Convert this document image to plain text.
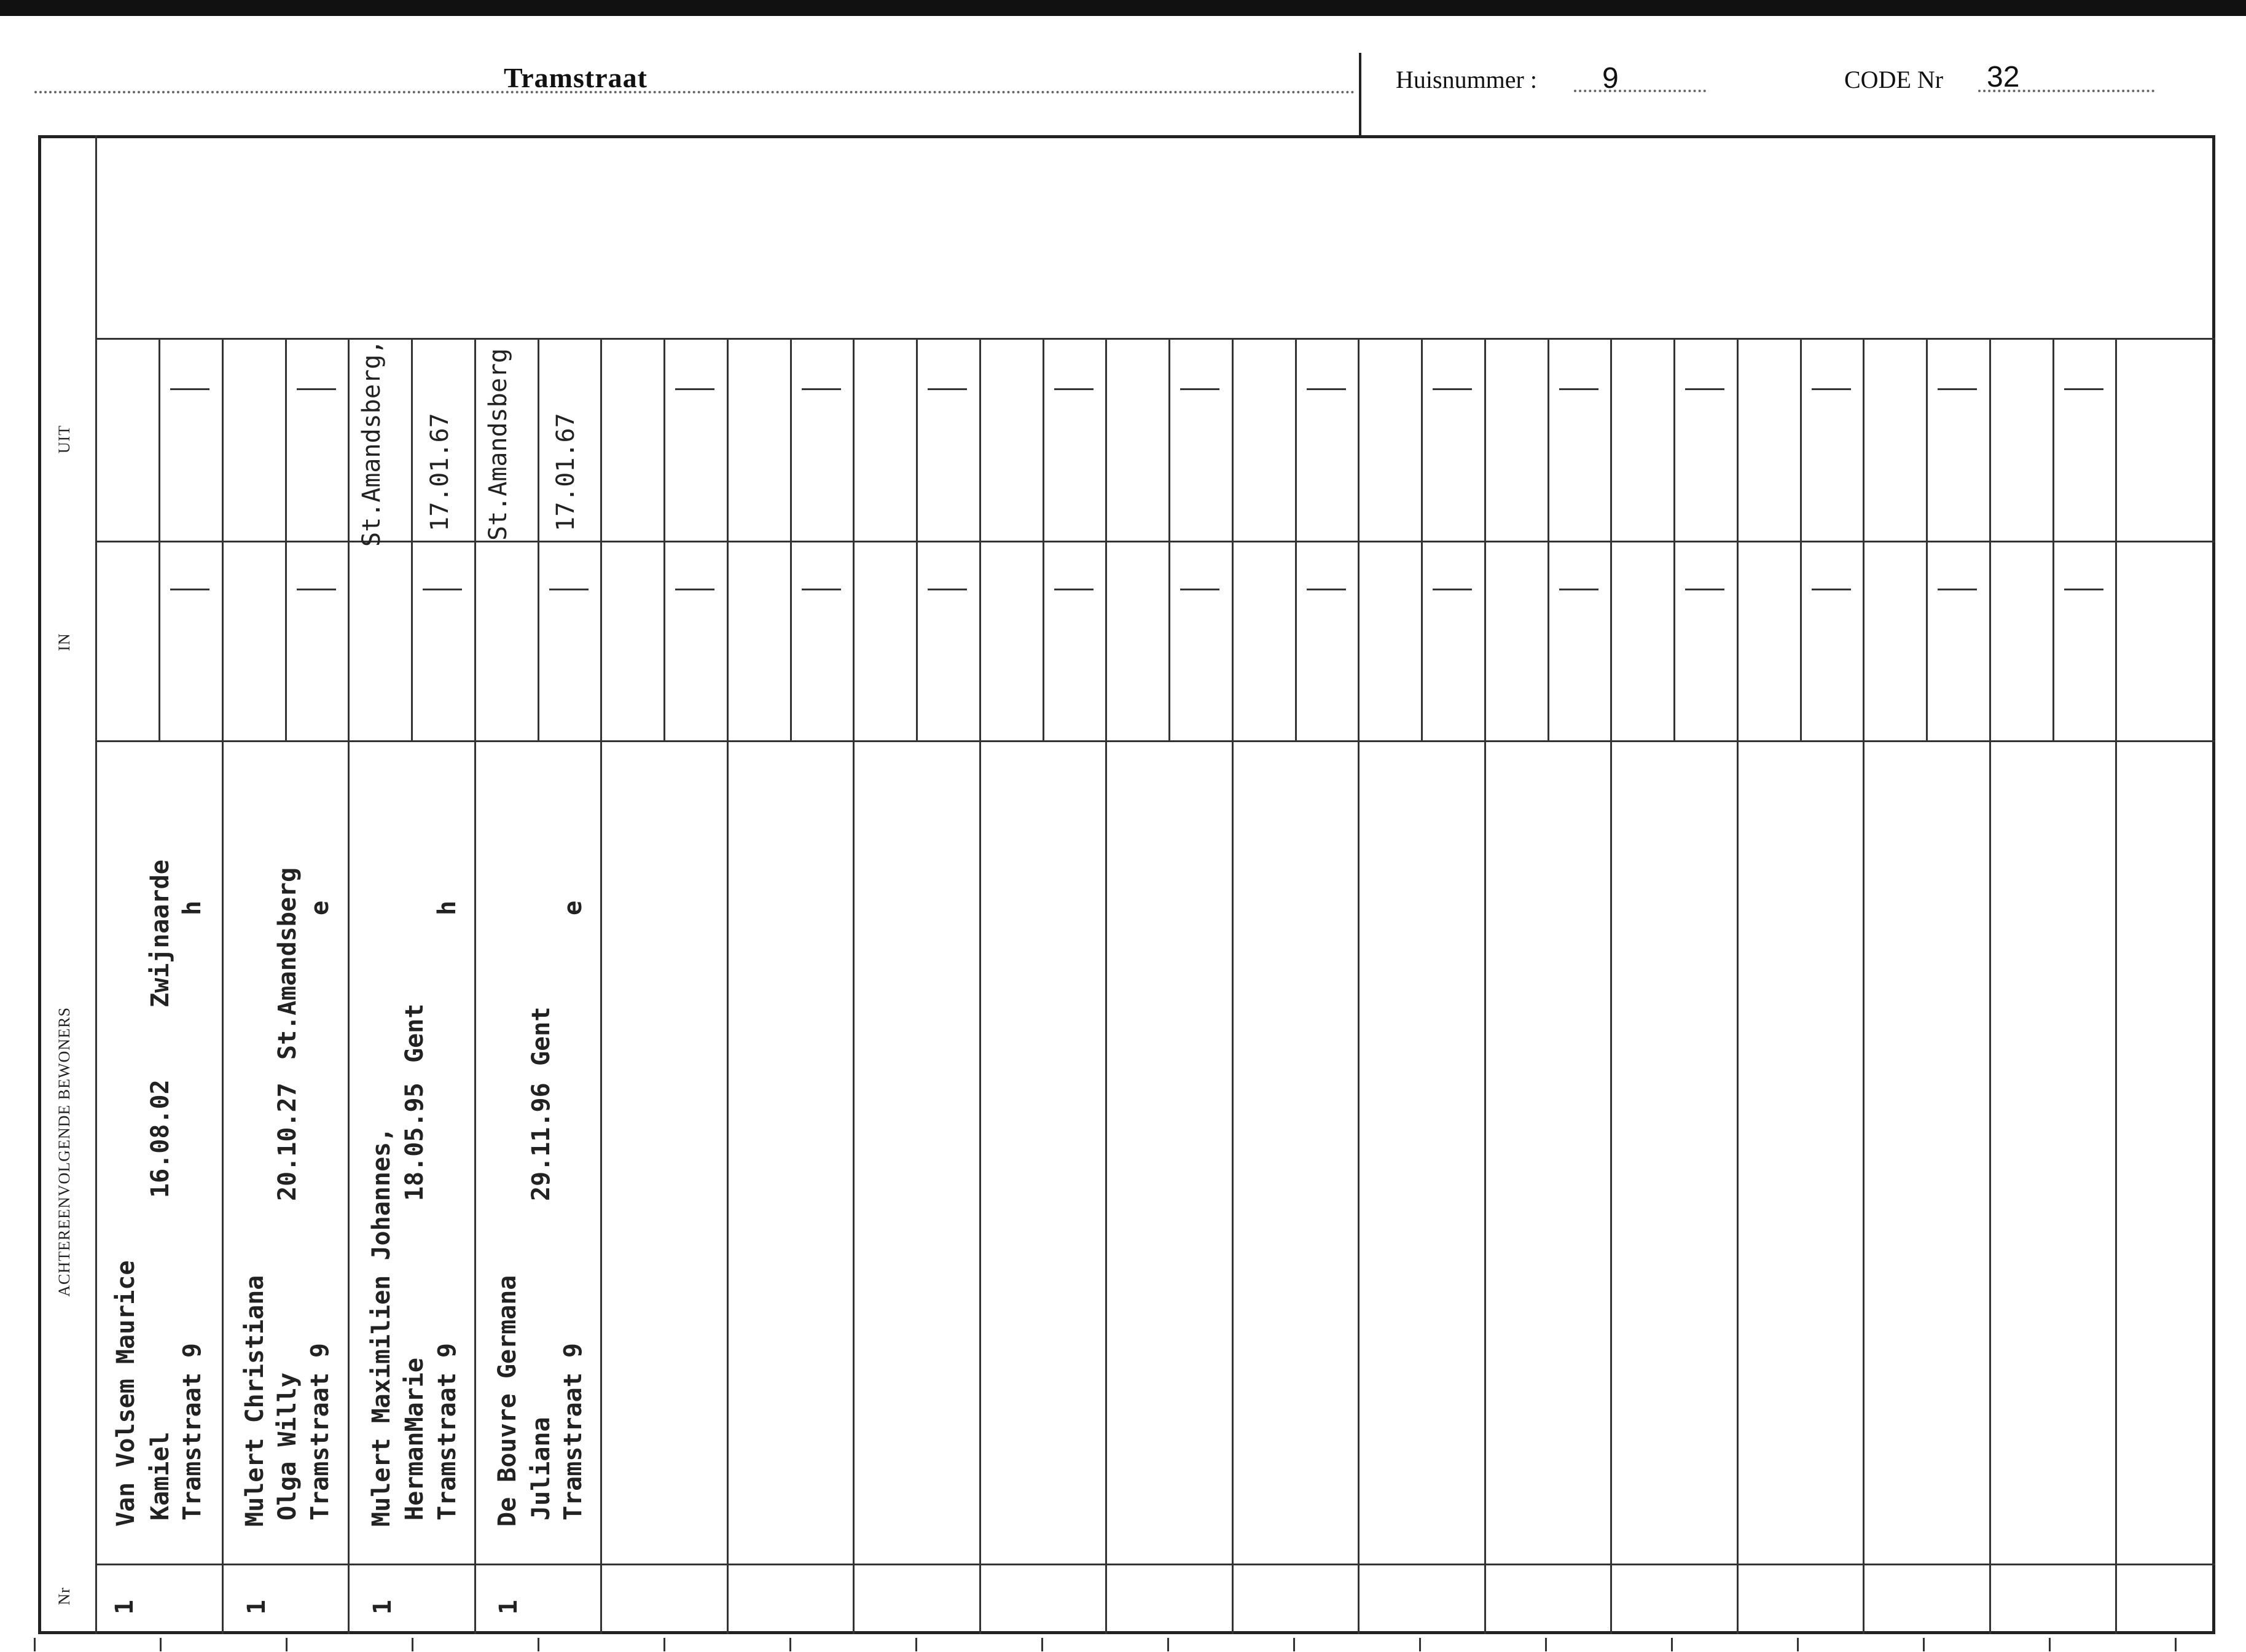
Tramstraat	Huisnummer : 9	CODE Nr 32
UIT
IN
ACHTEREENVOLGENDE BEWONERS
Nr
1
Van Volsem Maurice Kamiel
16.08.02
Zwijnaarde
Tramstraat 9
h
1
Mulert Christiana Olga Willy
20.10.27
St.Amandsberg
Tramstraat 9
e
1
Mulert Maximilien Johannes, HermanMarie
18.05.95
Gent
Tramstraat 9
h
St.Amandsberg, 17.01.67
1
De Bouvre Germana Juliana
29.11.96
Gent
Tramstraat 9
e
St.Amandsberg 17.01.67
